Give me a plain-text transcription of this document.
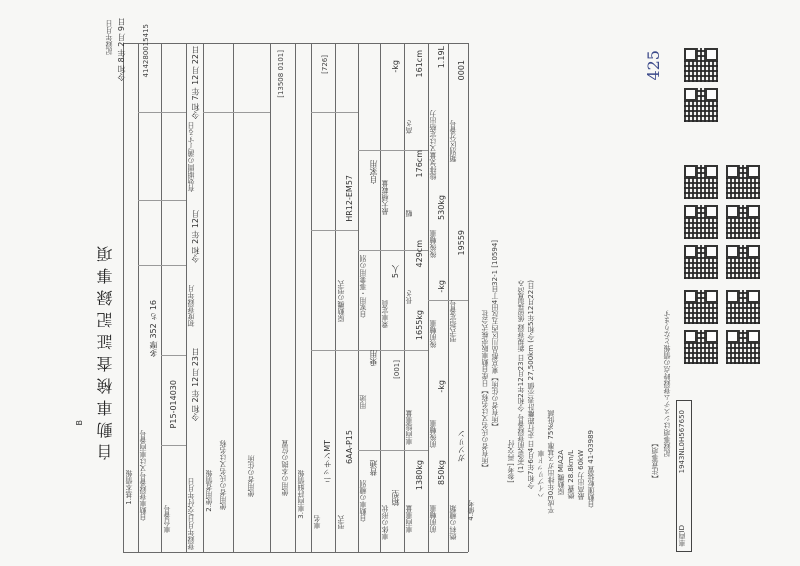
B 自動車検査証記録事項
記録年月日 令和 8年 2月 9日 414280015415
1.基本情報 自動車登録番号又は車両番号
多摩 352 ち 16
車台番号
P15-014030
登録年月日/交付年月日
令和 2年 12月 23日
初度登録年月
令和 2年 12月
有効期間の満了する日
令和 7年 12月 22日
2.使用者情報 使用者の氏名又は名称	使用者の住所
[13508 0101]
使用の本拠の位置 3.車両詳細情報
車名
ニッサンMT
[726]
型式
6AA-P15
原動機の型式
HR12-EM57
自動車の種別
普通
用途
乗用
自家用・事業用の別
自家用
車体の形状
箱型
[001]
乗車定員
5人
最大積載量
-kg
車両重量
1380kg
車両総重量
1655kg
長さ
429cm
幅
176cm
高さ
161cm
前前軸重
850kg
前後軸重
-kg
後前軸重
-kg
後後軸重
530kg
総排気量又は定格出力
1.19L
燃料の種類
ガソリン
型式指定番号
19559
類別区分番号
0001
4.備考
【所有者の氏名又は名称】日産自動車販売株式会社 【所有者の住所】東京都品川区西五反田4丁目32-1 [10594]
[参考] 再交付 (1)変更前登録番号 令和2年12月23日 新規登録 係留措置済み 令和7年6月4日 走行距離計表示値 27,500km (令和5年12月22日) ハイブリッド車 平成30年排出ガス基準 75%低減 原動機 MIA2A 燃費 28.8km/L 最高出力 60kW 自動運転装置 41-03989	【注意事項】
記録事項はシステム登録時点の情報となります
車両ID
1943NL0H567650
425
